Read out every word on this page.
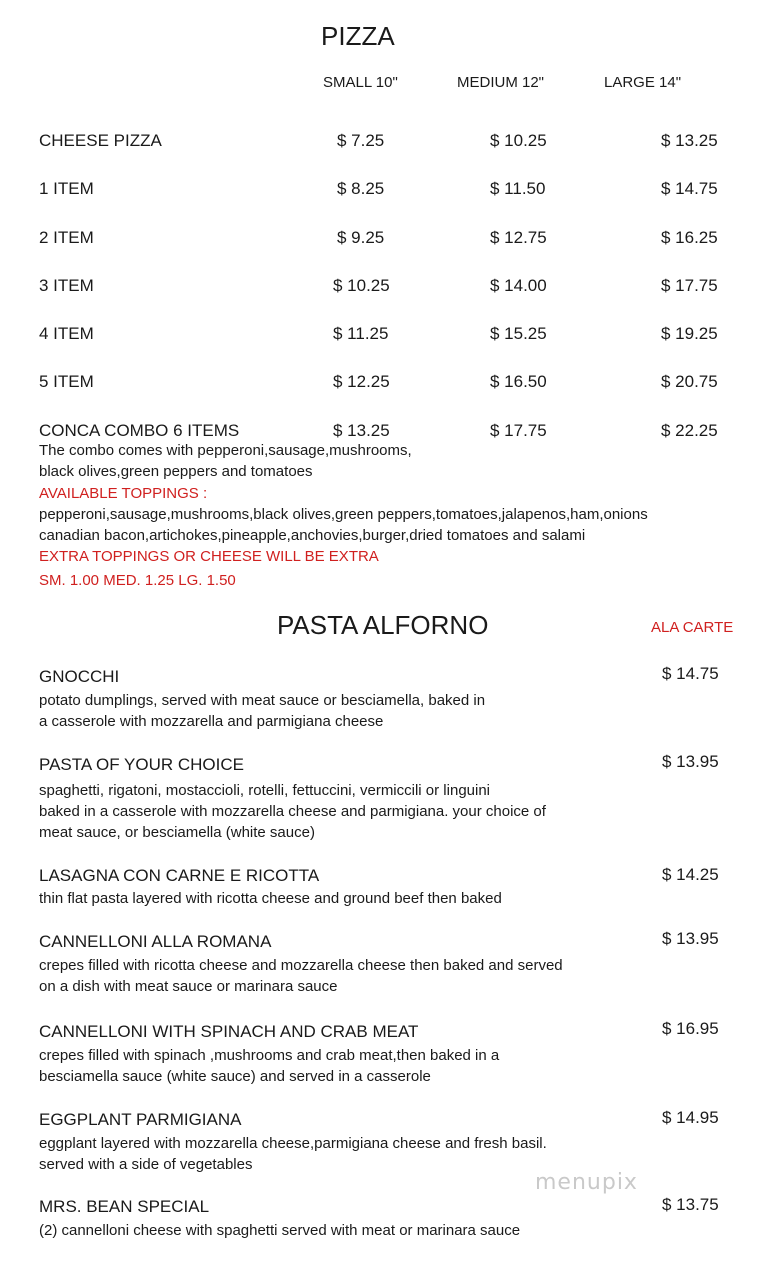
PIZZA
SMALL 10"	MEDIUM 12"	LARGE 14"
CHEESE PIZZA	$ 7.25	$ 10.25	$ 13.25
1 ITEM	$ 8.25	$ 11.50	$ 14.75
2 ITEM	$ 9.25	$ 12.75	$ 16.25
3 ITEM	$ 10.25	$ 14.00	$ 17.75
4 ITEM	$ 11.25	$ 15.25	$ 19.25
5 ITEM	$ 12.25	$ 16.50	$ 20.75
CONCA COMBO 6 ITEMS	$ 13.25	$ 17.75	$ 22.25
The combo comes with pepperoni,sausage,mushrooms,
black olives,green peppers and tomatoes
AVAILABLE TOPPINGS :
pepperoni,sausage,mushrooms,black olives,green peppers,tomatoes,jalapenos,ham,onions
canadian bacon,artichokes,pineapple,anchovies,burger,dried tomatoes and salami
EXTRA TOPPINGS OR CHEESE WILL BE EXTRA
SM. 1.00 MED. 1.25 LG. 1.50
PASTA ALFORNO	ALA CARTE
GNOCCHI	$ 14.75
potato dumplings, served with meat sauce or besciamella, baked in
a casserole with mozzarella and parmigiana cheese
PASTA OF YOUR CHOICE	$ 13.95
spaghetti, rigatoni, mostaccioli, rotelli, fettuccini, vermiccili or linguini
baked in a casserole with mozzarella cheese and parmigiana. your choice of
meat sauce, or besciamella (white sauce)
LASAGNA CON CARNE E RICOTTA	$ 14.25
thin flat pasta layered with ricotta cheese and ground beef then baked
CANNELLONI ALLA ROMANA	$ 13.95
crepes filled with ricotta cheese and mozzarella cheese then baked and served
on a dish with meat sauce or marinara sauce
CANNELLONI WITH SPINACH AND CRAB MEAT	$ 16.95
crepes filled with spinach ,mushrooms and crab meat,then baked in a
besciamella sauce (white sauce) and served in a casserole
EGGPLANT PARMIGIANA	$ 14.95
eggplant layered with mozzarella cheese,parmigiana cheese and fresh basil.
served with a side of vegetables
menupix
MRS. BEAN SPECIAL	$ 13.75
(2) cannelloni cheese with spaghetti served with meat or marinara sauce
